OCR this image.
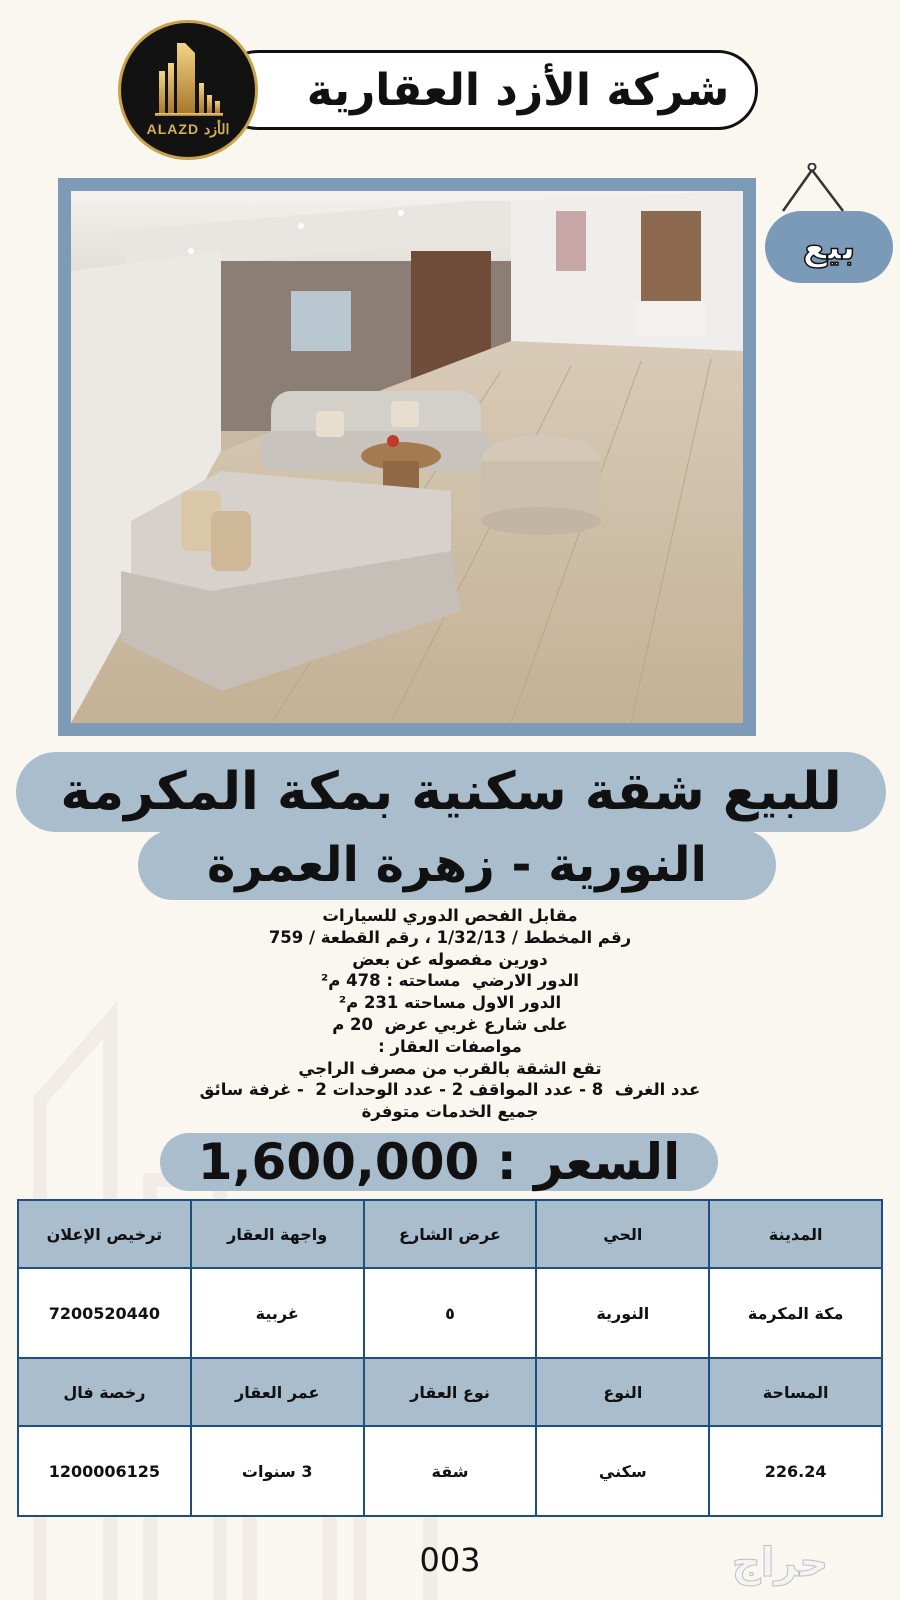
شركة الأزد العقارية
ALAZD الأزد
بيع
للبيع شقة سكنية بمكة المكرمة
النورية - زهرة العمرة
مقابل الفحص الدوري للسيارات
رقم المخطط / 1/32/13 ، رقم القطعة / 759
دورين مفصوله عن بعض
الدور الارضي  مساحته : 478 م²
الدور الاول مساحته 231 م²
على شارع غربي عرض  20 م
مواصفات العقار :
تقع الشقة بالقرب من مصرف الراجي
عدد الغرف  8 - عدد المواقف 2 - عدد الوحدات 2  - غرفة سائق
جميع الخدمات متوفرة
السعر : 1,600,000
المدينة	الحي	عرض الشارع	واجهة العقار	ترخيص الإعلان
مكة المكرمة	النورية	٥	غربية	7200520440
المساحة	النوع	نوع العقار	عمر العقار	رخصة فال
226.24	سكني	شقة	3 سنوات	1200006125
003	حراج
